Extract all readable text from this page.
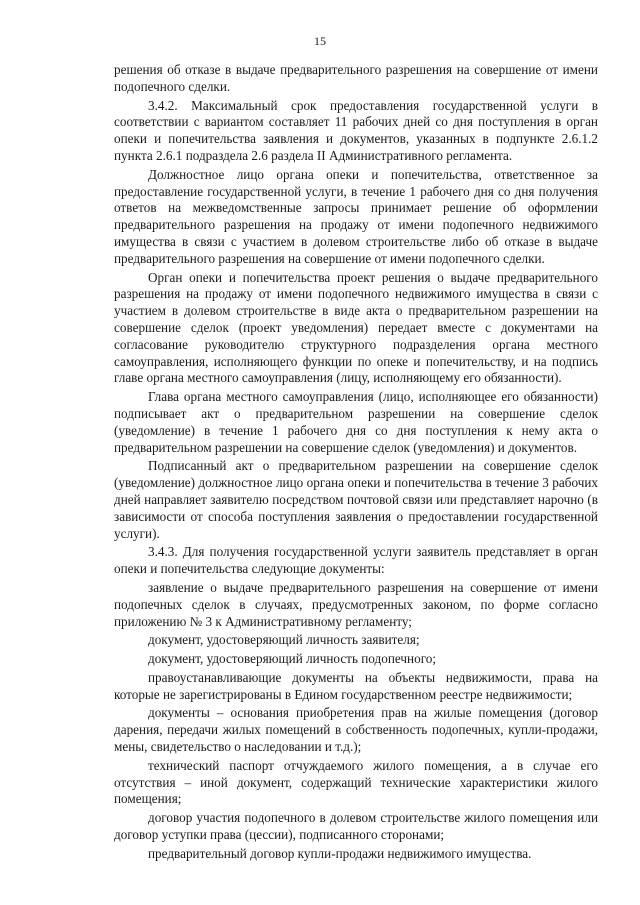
15

решения об отказе в выдаче предварительного разрешения на совершение от имени подопечного сделки.

3.4.2. Максимальный срок предоставления государственной услуги в соответствии с вариантом составляет 11 рабочих дней со дня поступления в орган опеки и попечительства заявления и документов, указанных в подпункте 2.6.1.2 пункта 2.6.1 подраздела 2.6 раздела II Административного регламента.

Должностное лицо органа опеки и попечительства, ответственное за предоставление государственной услуги, в течение 1 рабочего дня со дня получения ответов на межведомственные запросы принимает решение об оформлении предварительного разрешения на продажу от имени подопечного недвижимого имущества в связи с участием в долевом строительстве либо об отказе в выдаче предварительного разрешения на совершение от имени подопечного сделки.

Орган опеки и попечительства проект решения о выдаче предварительного разрешения на продажу от имени подопечного недвижимого имущества в связи с участием в долевом строительстве в виде акта о предварительном разрешении на совершение сделок (проект уведомления) передает вместе с документами на согласование руководителю структурного подразделения органа местного самоуправления, исполняющего функции по опеке и попечительству, и на подпись главе органа местного самоуправления (лицу, исполняющему его обязанности).

Глава органа местного самоуправления (лицо, исполняющее его обязанности) подписывает акт о предварительном разрешении на совершение сделок (уведомление) в течение 1 рабочего дня со дня поступления к нему акта о предварительном разрешении на совершение сделок (уведомления) и документов.

Подписанный акт о предварительном разрешении на совершение сделок (уведомление) должностное лицо органа опеки и попечительства в течение 3 рабочих дней направляет заявителю посредством почтовой связи или представляет нарочно (в зависимости от способа поступления заявления о предоставлении государственной услуги).

3.4.3. Для получения государственной услуги заявитель представляет в орган опеки и попечительства следующие документы:

заявление о выдаче предварительного разрешения на совершение от имени подопечных сделок в случаях, предусмотренных законом, по форме согласно приложению № 3 к Административному регламенту;

документ, удостоверяющий личность заявителя;

документ, удостоверяющий личность подопечного;

правоустанавливающие документы на объекты недвижимости, права на которые не зарегистрированы в Едином государственном реестре недвижимости;

документы – основания приобретения прав на жилые помещения (договор дарения, передачи жилых помещений в собственность подопечных, купли-продажи, мены, свидетельство о наследовании и т.д.);

технический паспорт отчуждаемого жилого помещения, а в случае его отсутствия – иной документ, содержащий технические характеристики жилого помещения;

договор участия подопечного в долевом строительстве жилого помещения или договор уступки права (цессии), подписанного сторонами;

предварительный договор купли-продажи недвижимого имущества.
